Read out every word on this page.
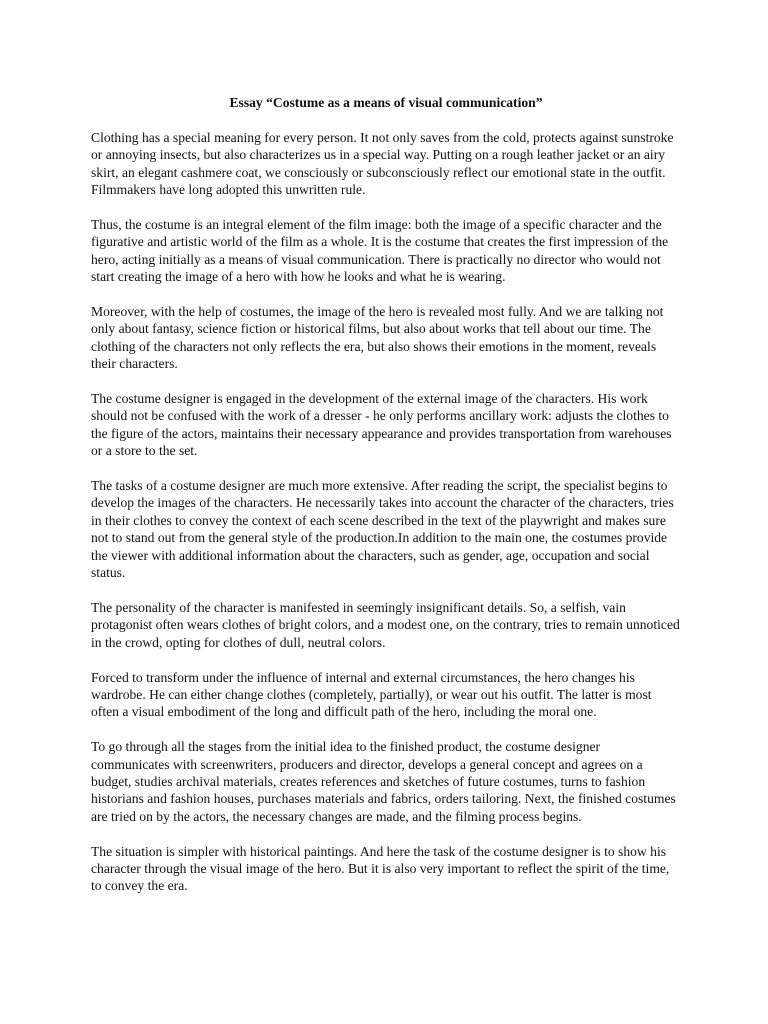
Essay “Costume as a means of visual communication”

Clothing has a special meaning for every person. It not only saves from the cold, protects against sunstroke or annoying insects, but also characterizes us in a special way. Putting on a rough leather jacket or an airy skirt, an elegant cashmere coat, we consciously or subconsciously reflect our emotional state in the outfit. Filmmakers have long adopted this unwritten rule.

Thus, the costume is an integral element of the film image: both the image of a specific character and the figurative and artistic world of the film as a whole. It is the costume that creates the first impression of the hero, acting initially as a means of visual communication. There is practically no director who would not start creating the image of a hero with how he looks and what he is wearing.

Moreover, with the help of costumes, the image of the hero is revealed most fully. And we are talking not only about fantasy, science fiction or historical films, but also about works that tell about our time. The clothing of the characters not only reflects the era, but also shows their emotions in the moment, reveals their characters.

The costume designer is engaged in the development of the external image of the characters. His work should not be confused with the work of a dresser - he only performs ancillary work: adjusts the clothes to the figure of the actors, maintains their necessary appearance and provides transportation from warehouses or a store to the set.

The tasks of a costume designer are much more extensive. After reading the script, the specialist begins to develop the images of the characters. He necessarily takes into account the character of the characters, tries in their clothes to convey the context of each scene described in the text of the playwright and makes sure not to stand out from the general style of the production.In addition to the main one, the costumes provide the viewer with additional information about the characters, such as gender, age, occupation and social status.

The personality of the character is manifested in seemingly insignificant details. So, a selfish, vain protagonist often wears clothes of bright colors, and a modest one, on the contrary, tries to remain unnoticed in the crowd, opting for clothes of dull, neutral colors.

Forced to transform under the influence of internal and external circumstances, the hero changes his wardrobe. He can either change clothes (completely, partially), or wear out his outfit. The latter is most often a visual embodiment of the long and difficult path of the hero, including the moral one.

To go through all the stages from the initial idea to the finished product, the costume designer communicates with screenwriters, producers and director, develops a general concept and agrees on a budget, studies archival materials, creates references and sketches of future costumes, turns to fashion historians and fashion houses, purchases materials and fabrics, orders tailoring. Next, the finished costumes are tried on by the actors, the necessary changes are made, and the filming process begins.

The situation is simpler with historical paintings. And here the task of the costume designer is to show his character through the visual image of the hero. But it is also very important to reflect the spirit of the time, to convey the era.
